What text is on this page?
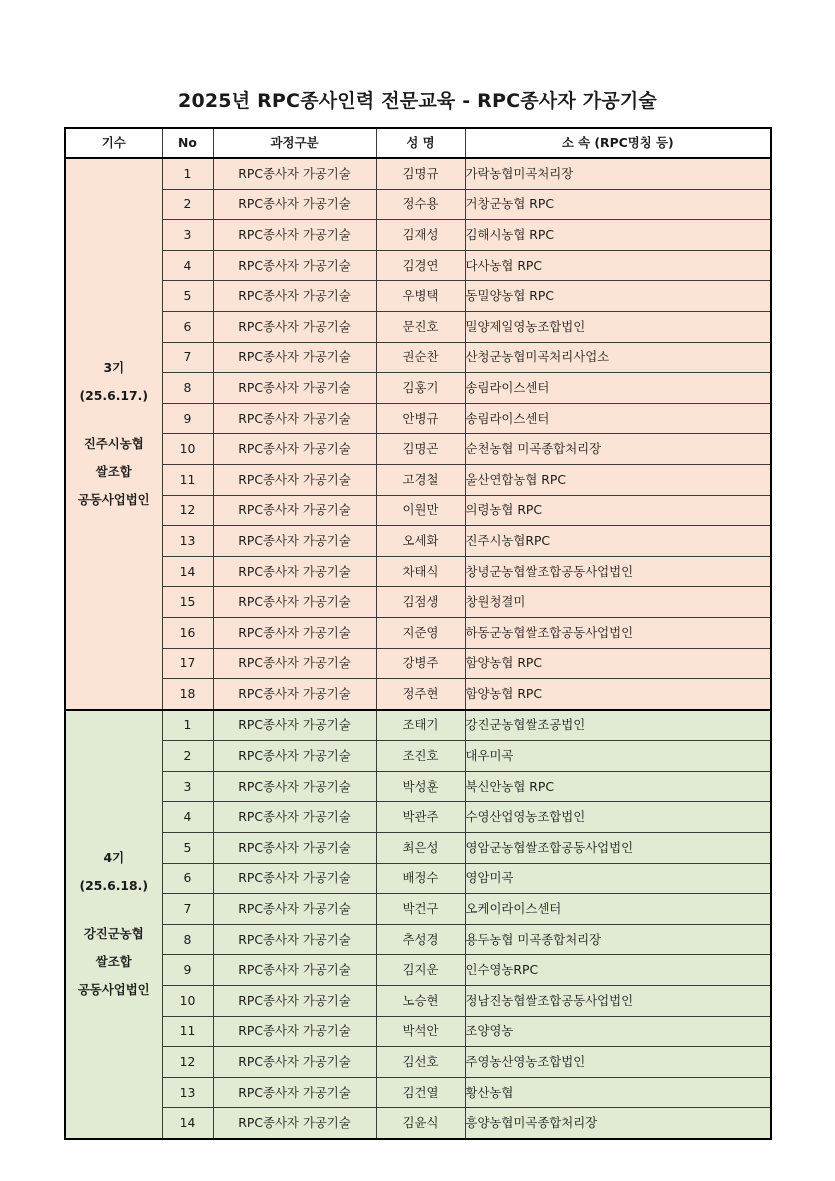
2025년 RPC종사인력 전문교육 - RPC종사자 가공기술
기수	No	과정구분	성 명	소 속 (RPC명칭 등)

3기
(25.6.17.)
진주시농협
쌀조합
공동사업법인	1	RPC종사자 가공기술	김명규	가락농협미곡처리장
	2	RPC종사자 가공기술	정수용	거창군농협 RPC
	3	RPC종사자 가공기술	김재성	김해시농협 RPC
	4	RPC종사자 가공기술	김경연	다사농협 RPC
	5	RPC종사자 가공기술	우병택	동밀양농협 RPC
	6	RPC종사자 가공기술	문진호	밀양제일영농조합법인
	7	RPC종사자 가공기술	권순찬	산청군농협미곡처리사업소
	8	RPC종사자 가공기술	김홍기	송림라이스센터
	9	RPC종사자 가공기술	안병규	송림라이스센터
	10	RPC종사자 가공기술	김명곤	순천농협 미곡종합처리장
	11	RPC종사자 가공기술	고경철	울산연합농협 RPC
	12	RPC종사자 가공기술	이원만	의령농협 RPC
	13	RPC종사자 가공기술	오세화	진주시농협RPC
	14	RPC종사자 가공기술	차태식	창녕군농협쌀조합공동사업법인
	15	RPC종사자 가공기술	김점생	창원청결미
	16	RPC종사자 가공기술	지준영	하동군농협쌀조합공동사업법인
	17	RPC종사자 가공기술	강병주	함양농협 RPC
	18	RPC종사자 가공기술	정주현	함양농협 RPC

4기
(25.6.18.)
강진군농협
쌀조합
공동사업법인	1	RPC종사자 가공기술	조태기	강진군농협쌀조공법인
	2	RPC종사자 가공기술	조진호	대우미곡
	3	RPC종사자 가공기술	박성훈	북신안농협 RPC
	4	RPC종사자 가공기술	박관주	수영산업영농조합법인
	5	RPC종사자 가공기술	최은성	영암군농협쌀조합공동사업법인
	6	RPC종사자 가공기술	배정수	영암미곡
	7	RPC종사자 가공기술	박건구	오케이라이스센터
	8	RPC종사자 가공기술	추성경	용두농협 미곡종합처리장
	9	RPC종사자 가공기술	김지운	인수영농RPC
	10	RPC종사자 가공기술	노승현	정남진농협쌀조합공동사업법인
	11	RPC종사자 가공기술	박석안	조양영농
	12	RPC종사자 가공기술	김선호	주영농산영농조합법인
	13	RPC종사자 가공기술	김건열	황산농협
	14	RPC종사자 가공기술	김윤식	흥양농협미곡종합처리장
